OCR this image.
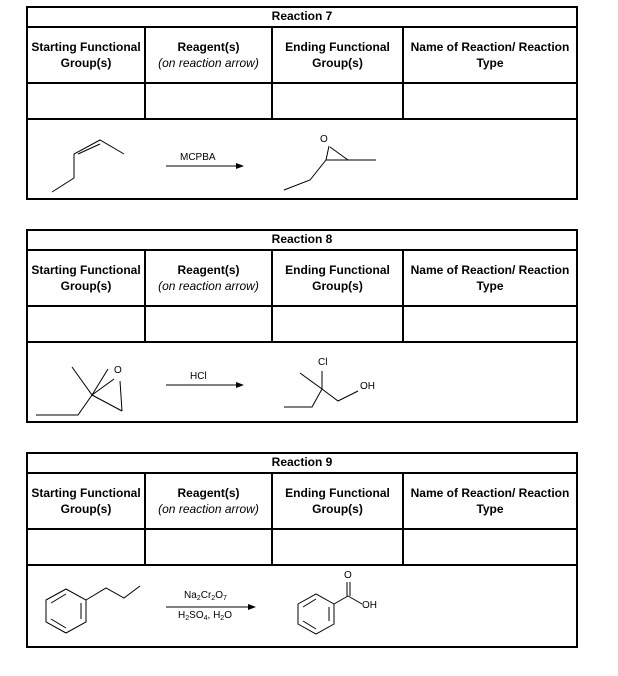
Reaction 7
Starting Functional Group(s)
Reagent(s)
(on reaction arrow)
Ending Functional Group(s)
Name of Reaction/ Reaction Type
MCPBA
O
Reaction 8
Starting Functional Group(s)
Reagent(s)
(on reaction arrow)
Ending Functional Group(s)
Name of Reaction/ Reaction Type
O
HCl
Cl
OH
Reaction 9
Starting Functional Group(s)
Reagent(s)
(on reaction arrow)
Ending Functional Group(s)
Name of Reaction/ Reaction Type
$Na_2Cr_2O_7$
$H_2SO_4$, $H_2O$
O
OH
